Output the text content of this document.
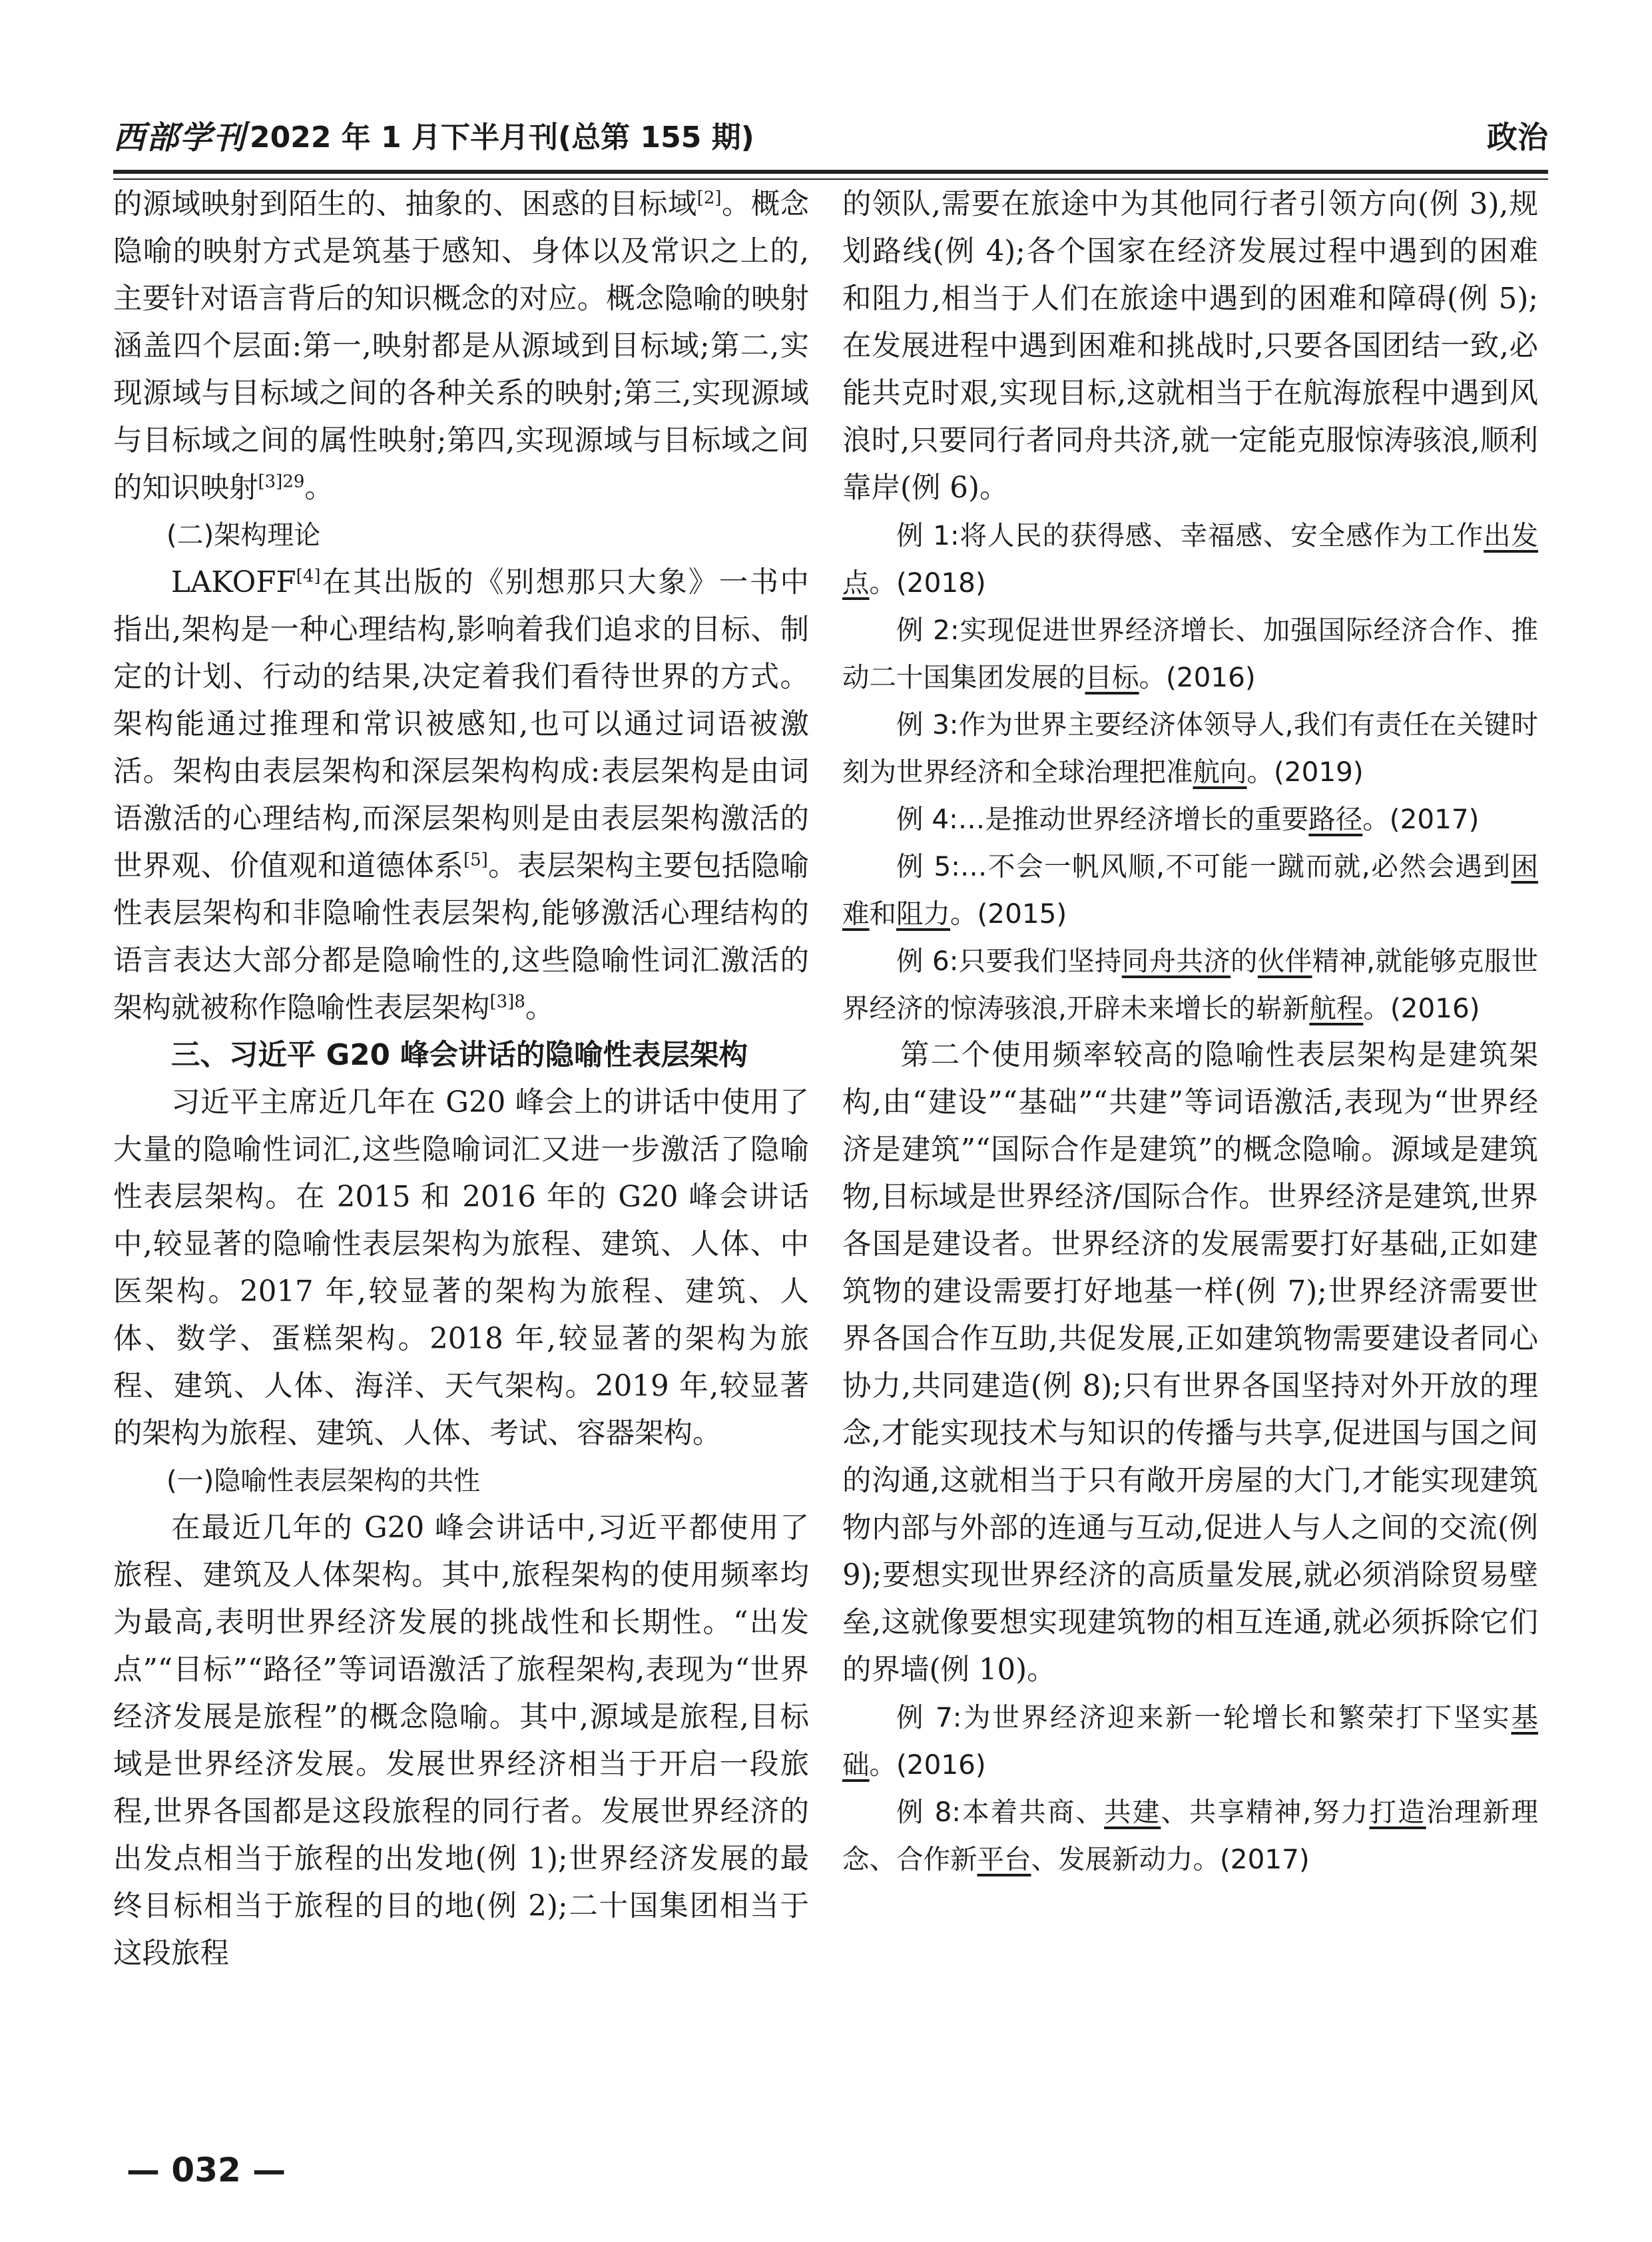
西部学刊 2022 年 1 月下半月刊(总第 155 期)	政治

的源域映射到陌生的、抽象的、困惑的目标域[2]。概念隐喻的映射方式是筑基于感知、身体以及常识之上的,主要针对语言背后的知识概念的对应。概念隐喻的映射涵盖四个层面:第一,映射都是从源域到目标域;第二,实现源域与目标域之间的各种关系的映射;第三,实现源域与目标域之间的属性映射;第四,实现源域与目标域之间的知识映射$^{[3]29}$。

(二)架构理论

LAKOFF[4]在其出版的《别想那只大象》一书中指出,架构是一种心理结构,影响着我们追求的目标、制定的计划、行动的结果,决定着我们看待世界的方式。架构能通过推理和常识被感知,也可以通过词语被激活。架构由表层架构和深层架构构成:表层架构是由词语激活的心理结构,而深层架构则是由表层架构激活的世界观、价值观和道德体系[5]。表层架构主要包括隐喻性表层架构和非隐喻性表层架构,能够激活心理结构的语言表达大部分都是隐喻性的,这些隐喻性词汇激活的架构就被称作隐喻性表层架构$^{[3]8}$。

三、习近平 G20 峰会讲话的隐喻性表层架构

习近平主席近几年在 G20 峰会上的讲话中使用了大量的隐喻性词汇,这些隐喻词汇又进一步激活了隐喻性表层架构。在 2015 和 2016 年的 G20 峰会讲话中,较显著的隐喻性表层架构为旅程、建筑、人体、中医架构。2017 年,较显著的架构为旅程、建筑、人体、数学、蛋糕架构。2018 年,较显著的架构为旅程、建筑、人体、海洋、天气架构。2019 年,较显著的架构为旅程、建筑、人体、考试、容器架构。

(一)隐喻性表层架构的共性

在最近几年的 G20 峰会讲话中,习近平都使用了旅程、建筑及人体架构。其中,旅程架构的使用频率均为最高,表明世界经济发展的挑战性和长期性。“出发点”“目标”“路径”等词语激活了旅程架构,表现为“世界经济发展是旅程”的概念隐喻。其中,源域是旅程,目标域是世界经济发展。发展世界经济相当于开启一段旅程,世界各国都是这段旅程的同行者。发展世界经济的出发点相当于旅程的出发地(例 1);世界经济发展的最终目标相当于旅程的目的地(例 2);二十国集团相当于这段旅程

的领队,需要在旅途中为其他同行者引领方向(例 3),规划路线(例 4);各个国家在经济发展过程中遇到的困难和阻力,相当于人们在旅途中遇到的困难和障碍(例 5);在发展进程中遇到困难和挑战时,只要各国团结一致,必能共克时艰,实现目标,这就相当于在航海旅程中遇到风浪时,只要同行者同舟共济,就一定能克服惊涛骇浪,顺利靠岸(例 6)。

例 1:将人民的获得感、幸福感、安全感作为工作出发点。(2018)

例 2:实现促进世界经济增长、加强国际经济合作、推动二十国集团发展的目标。(2016)

例 3:作为世界主要经济体领导人,我们有责任在关键时刻为世界经济和全球治理把准航向。(2019)

例 4:…是推动世界经济增长的重要路径。(2017)

例 5:…不会一帆风顺,不可能一蹴而就,必然会遇到困难和阻力。(2015)

例 6:只要我们坚持同舟共济的伙伴精神,就能够克服世界经济的惊涛骇浪,开辟未来增长的崭新航程。(2016)

第二个使用频率较高的隐喻性表层架构是建筑架构,由“建设”“基础”“共建”等词语激活,表现为“世界经济是建筑”“国际合作是建筑”的概念隐喻。源域是建筑物,目标域是世界经济/国际合作。世界经济是建筑,世界各国是建设者。世界经济的发展需要打好基础,正如建筑物的建设需要打好地基一样(例 7);世界经济需要世界各国合作互助,共促发展,正如建筑物需要建设者同心协力,共同建造(例 8);只有世界各国坚持对外开放的理念,才能实现技术与知识的传播与共享,促进国与国之间的沟通,这就相当于只有敞开房屋的大门,才能实现建筑物内部与外部的连通与互动,促进人与人之间的交流(例 9);要想实现世界经济的高质量发展,就必须消除贸易壁垒,这就像要想实现建筑物的相互连通,就必须拆除它们的界墙(例 10)。

例 7:为世界经济迎来新一轮增长和繁荣打下坚实基础。(2016)

例 8:本着共商、共建、共享精神,努力打造治理新理念、合作新平台、发展新动力。(2017)

— 032 —
